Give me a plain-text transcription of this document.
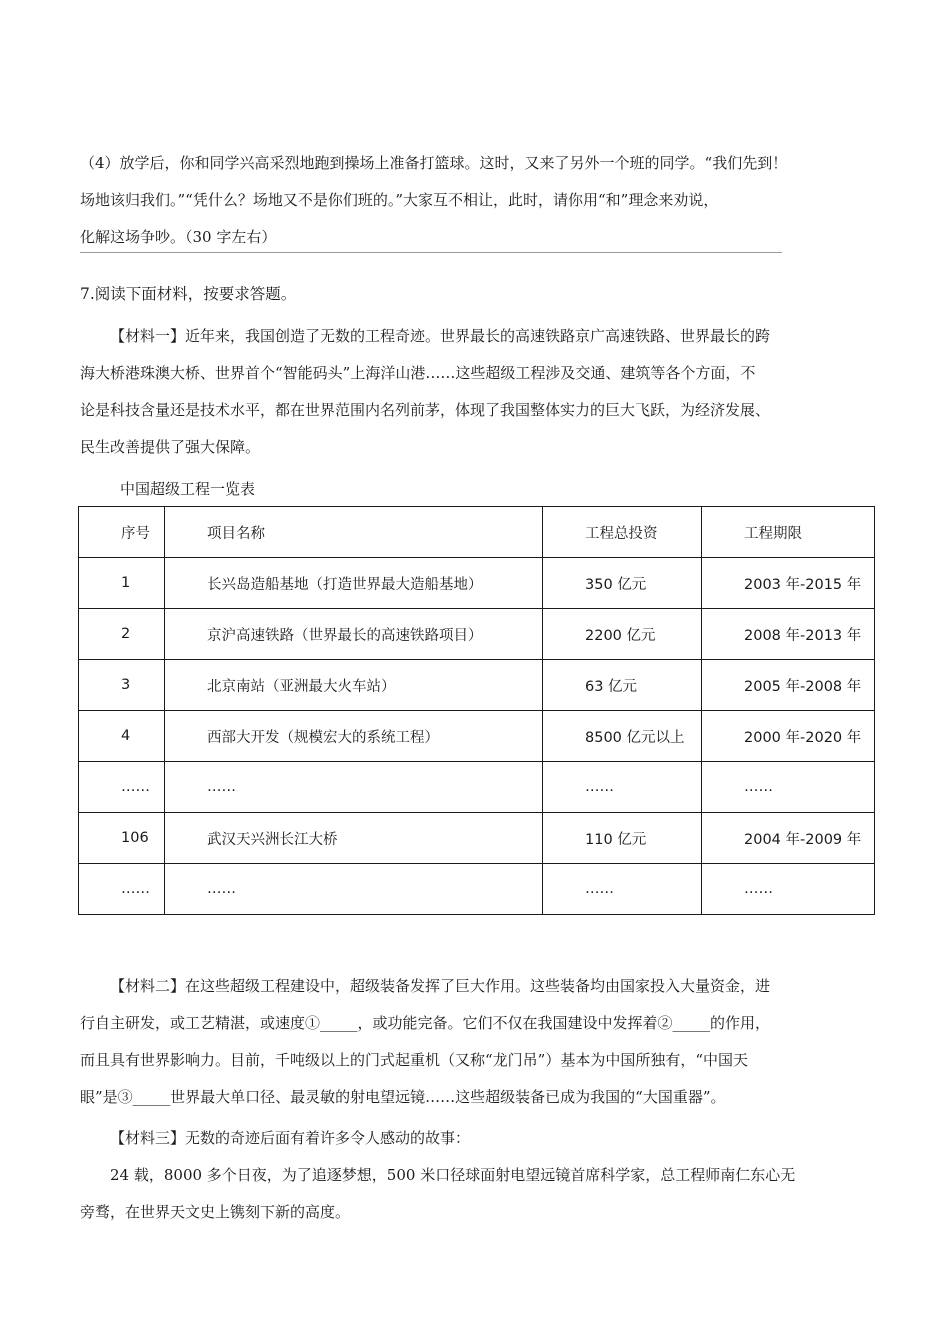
（4）放学后，你和同学兴高采烈地跑到操场上准备打篮球。这时，又来了另外一个班的同学。“我们先到！
场地该归我们。”“凭什么？场地又不是你们班的。”大家互不相让，此时，请你用“和”理念来劝说，
化解这场争吵。（30 字左右）
7.阅读下面材料，按要求答题。
【材料一】近年来，我国创造了无数的工程奇迹。世界最长的高速铁路京广高速铁路、世界最长的跨
海大桥港珠澳大桥、世界首个“智能码头”上海洋山港……这些超级工程涉及交通、建筑等各个方面，不
论是科技含量还是技术水平，都在世界范围内名列前茅，体现了我国整体实力的巨大飞跃，为经济发展、
民生改善提供了强大保障。
中国超级工程一览表
序号	项目名称	工程总投资	工程期限
1	长兴岛造船基地（打造世界最大造船基地）	350 亿元	2003 年-2015 年
2	京沪高速铁路（世界最长的高速铁路项目）	2200 亿元	2008 年-2013 年
3	北京南站（亚洲最大火车站）	63 亿元	2005 年-2008 年
4	西部大开发（规模宏大的系统工程）	8500 亿元以上	2000 年-2020 年
……	……	……	……
106	武汉天兴洲长江大桥	110 亿元	2004 年-2009 年
……	……	……	……
【材料二】在这些超级工程建设中，超级装备发挥了巨大作用。这些装备均由国家投入大量资金，进
行自主研发，或工艺精湛，或速度①_____，或功能完备。它们不仅在我国建设中发挥着②_____的作用，
而且具有世界影响力。目前，千吨级以上的门式起重机（又称“龙门吊”）基本为中国所独有，“中国天
眼”是③_____世界最大单口径、最灵敏的射电望远镜……这些超级装备已成为我国的“大国重器”。
【材料三】无数的奇迹后面有着许多令人感动的故事：
24 载，8000 多个日夜，为了追逐梦想，500 米口径球面射电望远镜首席科学家，总工程师南仁东心无
旁骛，在世界天文史上镌刻下新的高度。
